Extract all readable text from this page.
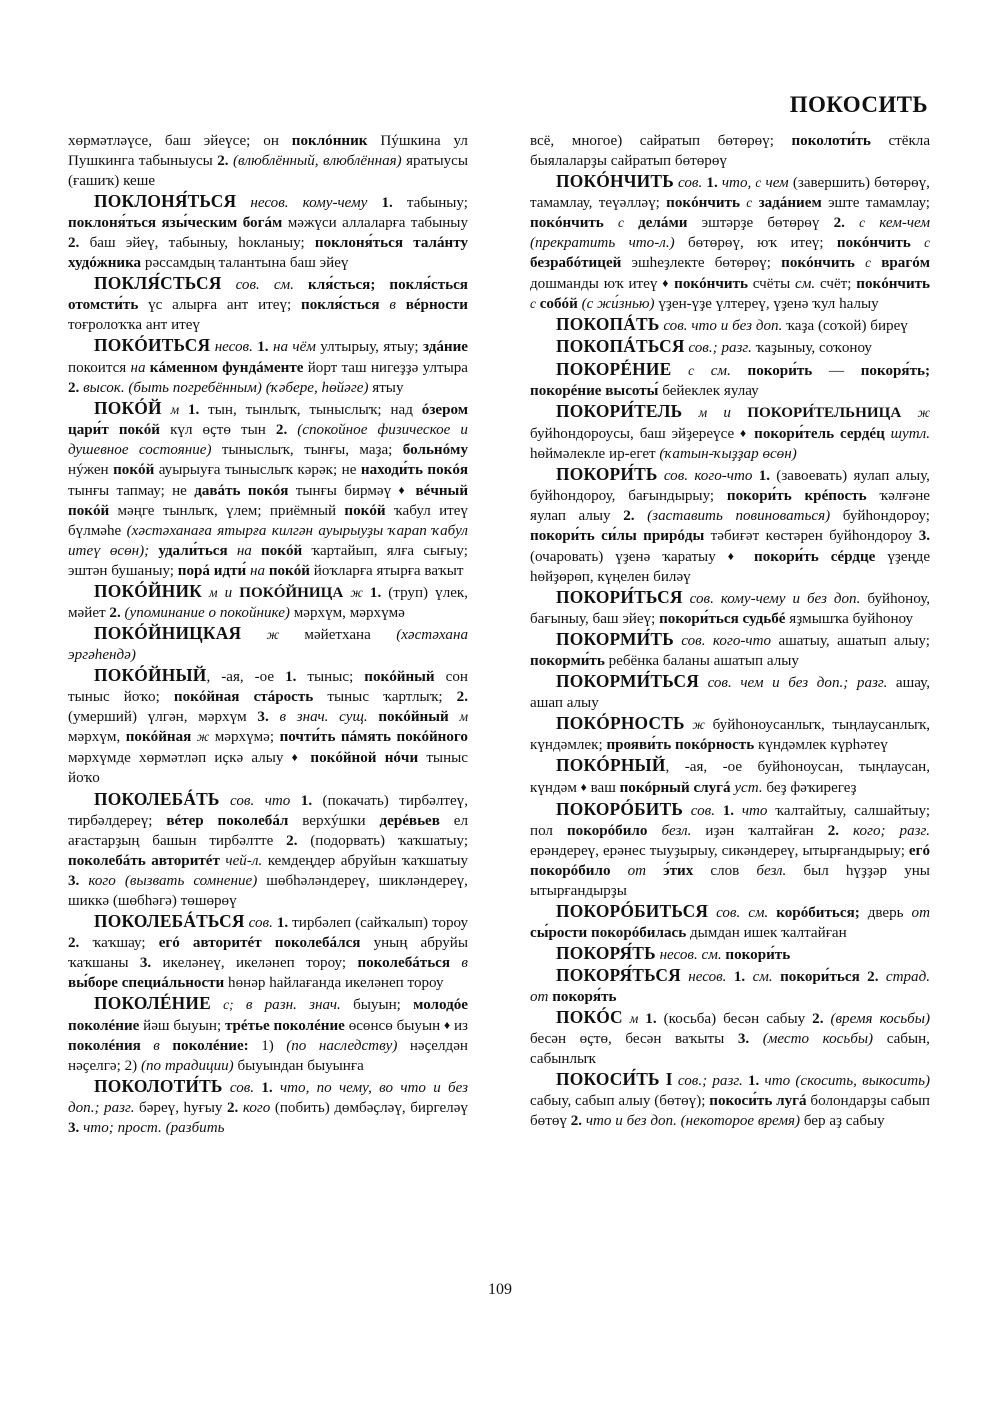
ПОКОСИТЬ

хөрмәтләүсе, баш эйеүсе; он поклóнник Пýшкина ул Пушкинга табыныусы 2. (влюблённый, влюблённая) яратыусы (ғашиҡ) кеше

ПОКЛОНЯ́ТЬСЯ несов. кому-чему 1. табыныу; поклоня́ться язы́ческим богáм мәжүси аллаларға табыныу 2. баш эйеү, табыныу, һокланыу; поклоня́ться талáнту худóжника рәссамдың талантына баш эйеү

ПОКЛЯ́СТЬСЯ сов. см. кля́сться; покля́сться отомсти́ть үс алырға ант итеү; покля́сться в вéрности тоғролоҡҡа ант итеү

ПОКÓИТЬСЯ несов. 1. на чём ултырыу, ятыу; здáние покоится на кáменном фундáменте йорт таш нигеҙҙә ултыра 2. высок. (быть погребённым) (ҡәбере, һөйәге) ятыу

ПОКÓЙ м 1. тын, тынлыҡ, тыныслыҡ; над óзером цари́т покóй күл өҫтө тын 2. (спокойное физическое и душевное состояние) тыныслыҡ, тынғы, маҙа; больнóму нýжен покóй ауырыуға тыныслыҡ кәрәк; не находи́ть покóя тынғы тапмау; не давáть покóя тынғы бирмәү ♦ вéчный покóй мәңге тынлыҡ, үлем; приёмный покóй ҡабул итеү бүлмәһе (хәстәханаға ятырға килгән ауырыуҙы ҡарап ҡабул итеү өсөн); удали́ться на покóй ҡартайып, ялға сығыу; эштән бушаныу; порá идти́ на покóй йоҡларға ятырға ваҡыт

ПОКÓЙНИК м и ПОКÓЙНИЦА ж 1. (труп) үлек, мәйет 2. (упоминание о покойнике) мәрхүм, мәрхүмә

ПОКÓЙНИЦКАЯ ж мәйетхана (хәстәхана эргәһендә)

ПОКÓЙНЫЙ, -ая, -ое 1. тыныс; покóйный сон тыныс йоҡо; покóйная стáрость тыныс ҡартлыҡ; 2. (умерший) үлгән, мәрхүм 3. в знач. сущ. покóйный м мәрхүм, покóйная ж мәрхүмә; почти́ть пáмять покóйного мәрхүмде хөрмәтләп иҫкә алыу ♦ покóйной нóчи тыныс йоҡо

ПОКОЛЕБÁТЬ сов. что 1. (покачать) тирбәлтеү, тирбәлдереү; вéтер поколебáл верхýшки дерéвьев ел ағастарҙың башын тирбәлтте 2. (подорвать) ҡаҡшатыу; поколебáть авторитéт чей-л. кемдеңдер абруйын ҡаҡшатыу 3. кого (вызвать сомнение) шөбһәләндереү, шикләндереү, шиккә (шөбһәгә) төшөрөү

ПОКОЛЕБÁТЬСЯ сов. 1. тирбәлеп (сайҡалып) тороу 2. ҡаҡшау; егó авторитéт поколебáлся уның абруйы ҡаҡшаны 3. икеләнеү, икеләнеп тороу; поколебáться в вы́боре специáльности һөнәр һайлағанда икеләнеп тороу

ПОКОЛÉНИЕ с; в разн. знач. быуын; молодóе поколéние йәш быуын; трéтье поколéние өсөнсө быуын ♦ из поколéния в поколéние: 1) (по наследству) нәҫелдән нәҫелгә; 2) (по традиции) быуындан быуынға

ПОКОЛОТИ́ТЬ сов. 1. что, по чему, во что и без доп.; разг. бәреү, һуғыу 2. кого (побить) дөмбәҫләү, биргеләү 3. что; прост. (разбить

всё, многое) сайратып бөтөрөү; поколоти́ть стёкла быялаларҙы сайратып бөтөрөү

ПОКÓНЧИТЬ сов. 1. что, с чем (завершить) бөтөрөү, тамамлау, теүәлләү; покóнчить с задáнием эште тамамлау; покóнчить с делáми эштәрҙе бөтөрөү 2. с кем-чем (прекратить что-л.) бөтөрөү, юҡ итеү; покóнчить с безрабóтицей эшһеҙлекте бөтөрөү; покóнчить с врагóм дошманды юҡ итеү ♦ покóнчить счёты см. счёт; покóнчить с собóй (с жи́знью) үҙен-үҙе үлтереү, үҙенә ҡул һалыу

ПОКОПÁТЬ сов. что и без доп. ҡаҙа (соҡой) биреү

ПОКОПÁТЬСЯ сов.; разг. ҡаҙыныу, соҡоноу

ПОКОРÉНИЕ с см. покори́ть — покоря́ть; покорéние высоты́ бейеклек яулау

ПОКОРИ́ТЕЛЬ м и ПОКОРИ́ТЕЛЬНИЦА ж буйһондороусы, баш эйҙереүсе ♦ покори́тель сердéц шутл. һөймәлекле ир-егет (ҡатын-ҡыҙҙар өсөн)

ПОКОРИ́ТЬ сов. кого-что 1. (завоевать) яулап алыу, буйһондороу, бағындырыу; покори́ть крéпость ҡәлғәне яулап алыу 2. (заставить повиноваться) буйһондороу; покори́ть си́лы прирóды тәбиғәт көстәрен буйһондороу 3. (очаровать) үҙенә ҡаратыу ♦ покори́ть сéрдце үҙеңде һөйҙөрөп, күңелен биләү

ПОКОРИ́ТЬСЯ сов. кому-чему и без доп. буйһоноу, бағыныу, баш эйеү; покори́ться судьбé яҙмышҡа буйһоноу

ПОКОРМИ́ТЬ сов. кого-что ашатыу, ашатып алыу; покорми́ть ребёнка баланы ашатып алыу

ПОКОРМИ́ТЬСЯ сов. чем и без доп.; разг. ашау, ашап алыу

ПОКÓРНОСТЬ ж буйһоноусанлыҡ, тыңлаусанлыҡ, күндәмлек; прояви́ть покóрность күндәмлек күрһәтеү

ПОКÓРНЫЙ, -ая, -ое буйһоноусан, тыңлаусан, күндәм ♦ ваш покóрный слугá уст. беҙ фәҡирегеҙ

ПОКОРÓБИТЬ сов. 1. что ҡалтайтыу, салшайтыу; пол покорóбило безл. иҙән ҡалтайған 2. кого; разг. ерәндереү, ерәнес тыуҙырыу, сикәндереү, ытырғандырыу; егó покорóбило от э́тих слов безл. был һүҙҙәр уны ытырғандырҙы

ПОКОРÓБИТЬСЯ сов. см. корóбиться; дверь от сы́рости покорóбилась дымдан ишек ҡалтайған

ПОКОРЯ́ТЬ несов. см. покори́ть

ПОКОРЯ́ТЬСЯ несов. 1. см. покори́ться 2. страд. от покоря́ть

ПОКÓС м 1. (косьба) бесән сабыу 2. (время косьбы) бесән өҫтө, бесән ваҡыты 3. (место косьбы) сабын, сабынлыҡ

ПОКОСИ́ТЬ I сов.; разг. 1. что (скосить, выкосить) сабыу, сабып алыу (бөтөү); покоси́ть лугá болондарҙы сабып бөтөү 2. что и без доп. (некоторое время) бер аҙ сабыу

109
